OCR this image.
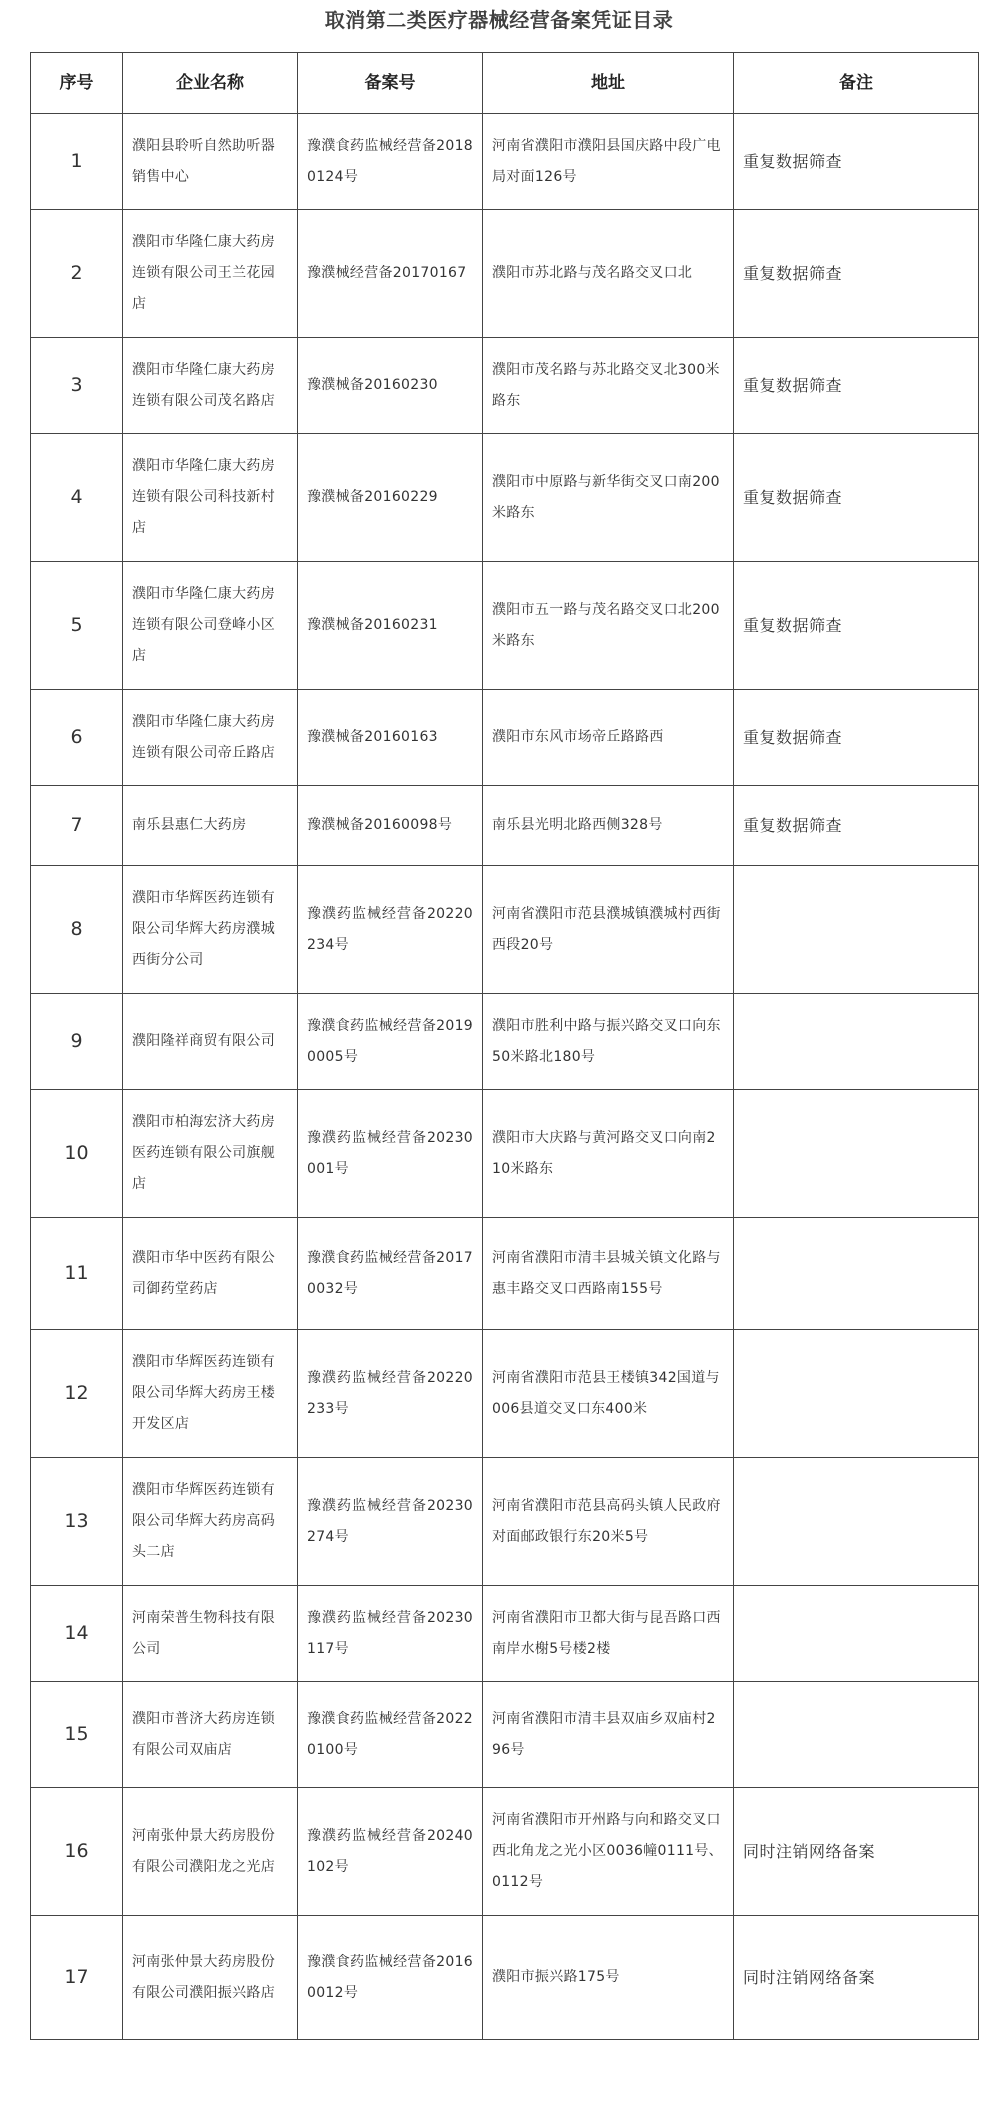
取消第二类医疗器械经营备案凭证目录
序号	企业名称	备案号	地址	备注
1	濮阳县聆听自然助听器销售中心	豫濮食药监械经营备20180124号	河南省濮阳市濮阳县国庆路中段广电局对面126号	重复数据筛查
2	濮阳市华隆仁康大药房连锁有限公司王兰花园店	豫濮械经营备20170167	濮阳市苏北路与茂名路交叉口北	重复数据筛查
3	濮阳市华隆仁康大药房连锁有限公司茂名路店	豫濮械备20160230	濮阳市茂名路与苏北路交叉北300米路东	重复数据筛查
4	濮阳市华隆仁康大药房连锁有限公司科技新村店	豫濮械备20160229	濮阳市中原路与新华街交叉口南200米路东	重复数据筛查
5	濮阳市华隆仁康大药房连锁有限公司登峰小区店	豫濮械备20160231	濮阳市五一路与茂名路交叉口北200米路东	重复数据筛查
6	濮阳市华隆仁康大药房连锁有限公司帝丘路店	豫濮械备20160163	濮阳市东风市场帝丘路路西	重复数据筛查
7	南乐县惠仁大药房	豫濮械备20160098号	南乐县光明北路西侧328号	重复数据筛查
8	濮阳市华辉医药连锁有限公司华辉大药房濮城西街分公司	豫濮药监械经营备20220234号	河南省濮阳市范县濮城镇濮城村西街西段20号	
9	濮阳隆祥商贸有限公司	豫濮食药监械经营备20190005号	濮阳市胜利中路与振兴路交叉口向东50米路北180号	
10	濮阳市柏海宏济大药房医药连锁有限公司旗舰店	豫濮药监械经营备20230001号	濮阳市大庆路与黄河路交叉口向南210米路东	
11	濮阳市华中医药有限公司御药堂药店	豫濮食药监械经营备20170032号	河南省濮阳市清丰县城关镇文化路与惠丰路交叉口西路南155号	
12	濮阳市华辉医药连锁有限公司华辉大药房王楼开发区店	豫濮药监械经营备20220233号	河南省濮阳市范县王楼镇342国道与006县道交叉口东400米	
13	濮阳市华辉医药连锁有限公司华辉大药房高码头二店	豫濮药监械经营备20230274号	河南省濮阳市范县高码头镇人民政府对面邮政银行东20米5号	
14	河南荣普生物科技有限公司	豫濮药监械经营备20230117号	河南省濮阳市卫都大街与昆吾路口西南岸水榭5号楼2楼	
15	濮阳市普济大药房连锁有限公司双庙店	豫濮食药监械经营备20220100号	河南省濮阳市清丰县双庙乡双庙村296号	
16	河南张仲景大药房股份有限公司濮阳龙之光店	豫濮药监械经营备20240102号	河南省濮阳市开州路与向和路交叉口西北角龙之光小区0036幢0111号、0112号	同时注销网络备案
17	河南张仲景大药房股份有限公司濮阳振兴路店	豫濮食药监械经营备20160012号	濮阳市振兴路175号	同时注销网络备案
